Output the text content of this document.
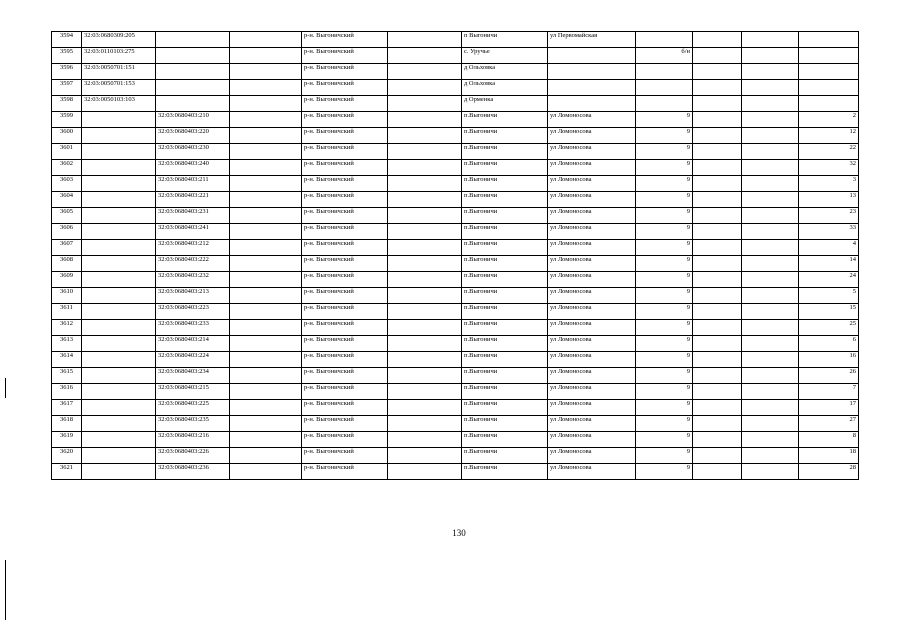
3594	32:03:0680309:205			р-н. Выгоничский		п Выгоничи	ул Первомайская				
3595	32:03:0110103:275			р-н. Выгоничский		с. Уручье		б/н			
3596	32:03:0050701:151			р-н. Выгоничский		д Ольховка					
3597	32:03:0050701:153			р-н. Выгоничский		д Ольховка					
3598	32:03:0050103:103			р-н. Выгоничский		д Орменка					
3599		32:03:0680403:210		р-н. Выгоничский		п.Выгоничи	ул Ломоносова	9			2
3600		32:03:0680403:220		р-н. Выгоничский		п.Выгоничи	ул Ломоносова	9			12
3601		32:03:0680403:230		р-н. Выгоничский		п.Выгоничи	ул Ломоносова	9			22
3602		32:03:0680403:240		р-н. Выгоничский		п.Выгоничи	ул Ломоносова	9			32
3603		32:03:0680403:211		р-н. Выгоничский		п.Выгоничи	ул Ломоносова	9			3
3604		32:03:0680403:221		р-н. Выгоничский		п.Выгоничи	ул Ломоносова	9			13
3605		32:03:0680403:231		р-н. Выгоничский		п.Выгоничи	ул Ломоносова	9			23
3606		32:03:0680403:241		р-н. Выгоничский		п.Выгоничи	ул Ломоносова	9			33
3607		32:03:0680403:212		р-н. Выгоничский		п.Выгоничи	ул Ломоносова	9			4
3608		32:03:0680403:222		р-н. Выгоничский		п.Выгоничи	ул Ломоносова	9			14
3609		32:03:0680403:232		р-н. Выгоничский		п.Выгоничи	ул Ломоносова	9			24
3610		32:03:0680403:213		р-н. Выгоничский		п.Выгоничи	ул Ломоносова	9			5
3611		32:03:0680403:223		р-н. Выгоничский		п.Выгоничи	ул Ломоносова	9			15
3612		32:03:0680403:233		р-н. Выгоничский		п.Выгоничи	ул Ломоносова	9			25
3613		32:03:0680403:214		р-н. Выгоничский		п.Выгоничи	ул Ломоносова	9			6
3614		32:03:0680403:224		р-н. Выгоничский		п.Выгоничи	ул Ломоносова	9			16
3615		32:03:0680403:234		р-н. Выгоничский		п.Выгоничи	ул Ломоносова	9			26
3616		32:03:0680403:215		р-н. Выгоничский		п.Выгоничи	ул Ломоносова	9			7
3617		32:03:0680403:225		р-н. Выгоничский		п.Выгоничи	ул Ломоносова	9			17
3618		32:03:0680403:235		р-н. Выгоничский		п.Выгоничи	ул Ломоносова	9			27
3619		32:03:0680403:216		р-н. Выгоничский		п.Выгоничи	ул Ломоносова	9			8
3620		32:03:0680403:226		р-н. Выгоничский		п.Выгоничи	ул Ломоносова	9			18
3621		32:03:0680403:236		р-н. Выгоничский		п.Выгоничи	ул Ломоносова	9			28
130
